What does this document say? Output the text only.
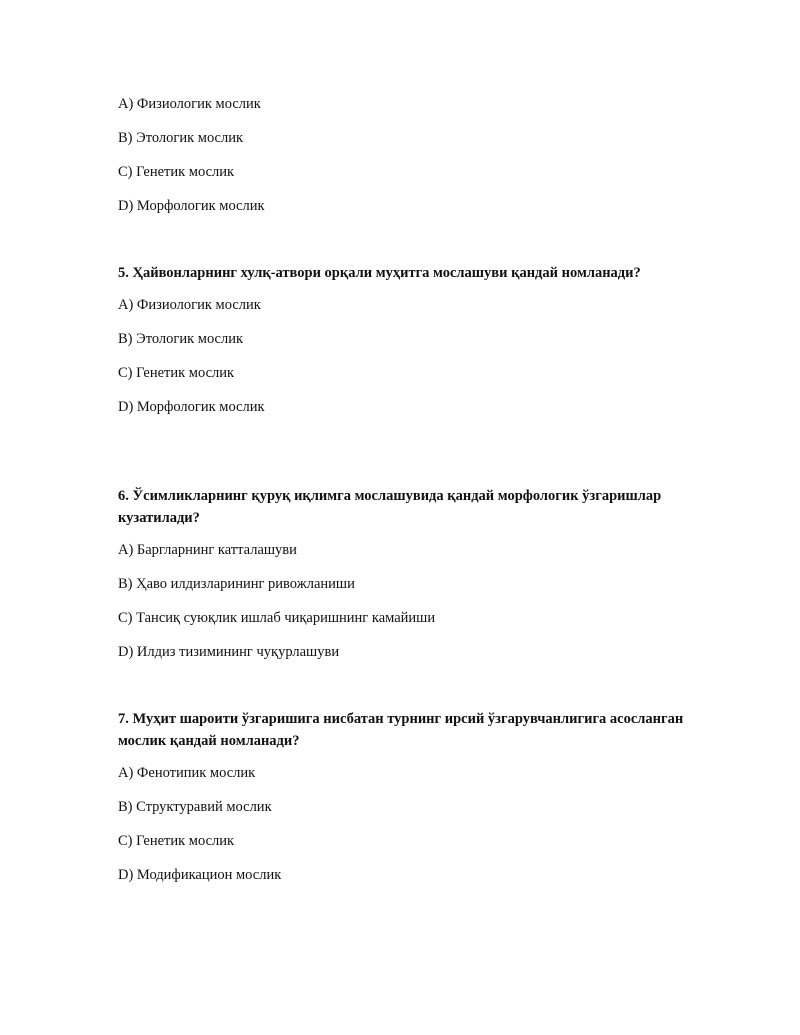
A) Физиологик мослик

B) Этологик мослик

C) Генетик мослик

D) Морфологик мослик

5. Ҳайвонларнинг хулқ-атвори орқали муҳитга мослашуви қандай номланади?

A) Физиологик мослик

B) Этологик мослик

C) Генетик мослик

D) Морфологик мослик

6. Ўсимликларнинг қуруқ иқлимга мослашувида қандай морфологик ўзгаришлар кузатилади?

A) Баргларнинг катталашуви

B) Ҳаво илдизларининг ривожланиши

C) Тансиқ суюқлик ишлаб чиқаришнинг камайиши

D) Илдиз тизимининг чуқурлашуви

7. Муҳит шароити ўзгаришига нисбатан турнинг ирсий ўзгарувчанлигига асосланган мослик қандай номланади?

A) Фенотипик мослик

B) Структуравий мослик

C) Генетик мослик

D) Модификацион мослик
